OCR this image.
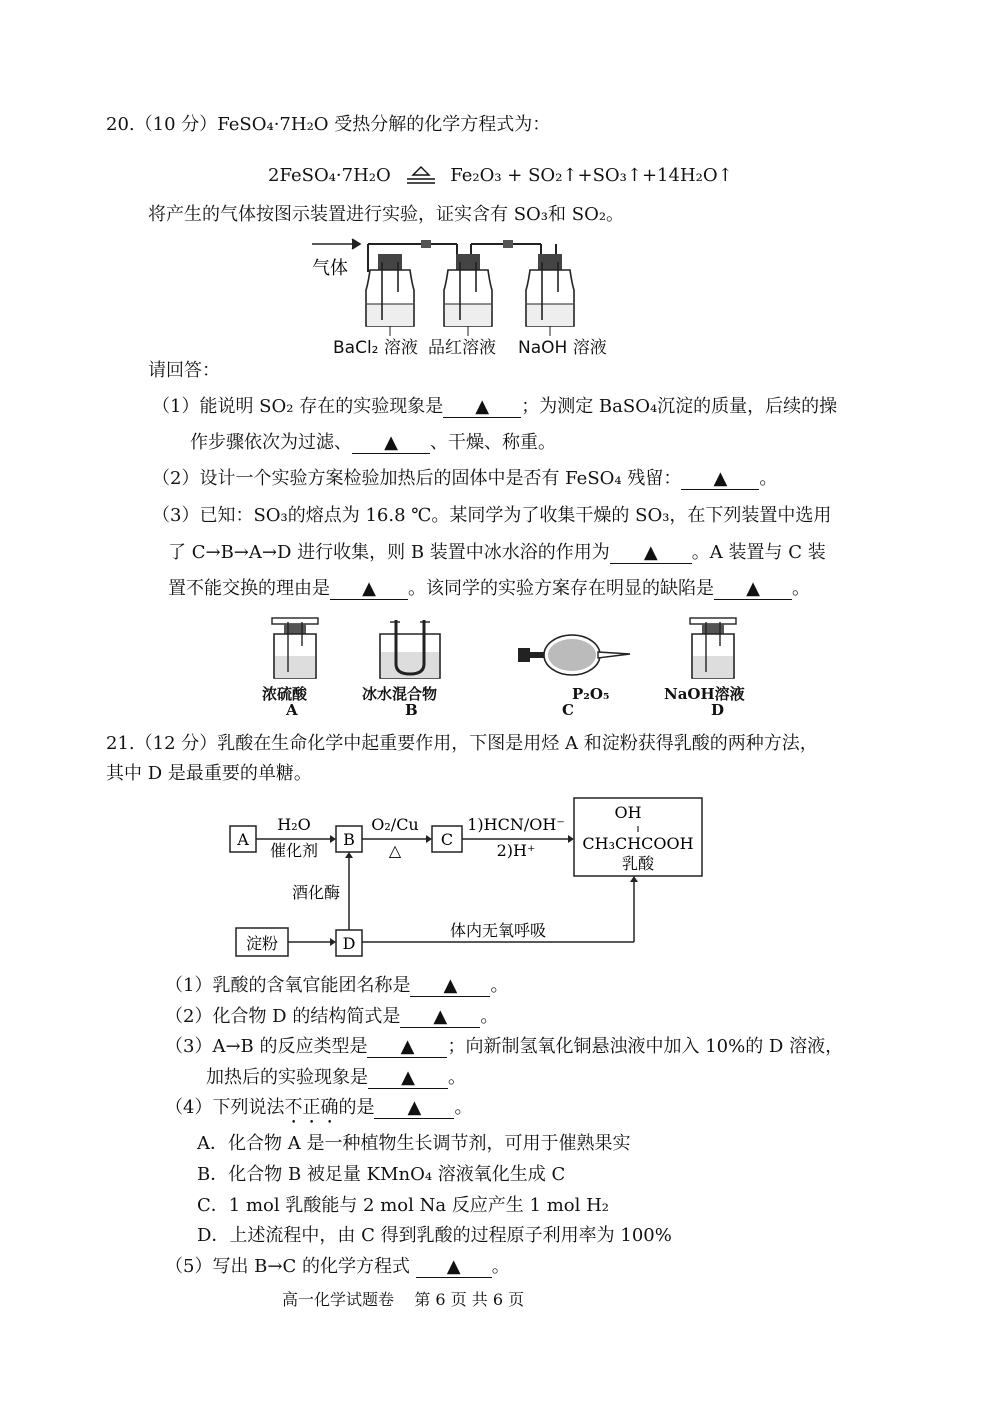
20.（10 分）FeSO₄·7H₂O 受热分解的化学方程式为：
2FeSO₄·7H₂O	Fe₂O₃ + SO₂↑+SO₃↑+14H₂O↑
将产生的气体按图示装置进行实验，证实含有 SO₃和 SO₂。
气体
BaCl₂ 溶液 品红溶液 NaOH 溶液
请回答：
（1）能说明 SO₂ 存在的实验现象是 ▲ ；为测定 BaSO₄沉淀的质量，后续的操
作步骤依次为过滤、 ▲ 、干燥、称重。
（2）设计一个实验方案检验加热后的固体中是否有 FeSO₄ 残留： ▲ 。
（3）已知：SO₃的熔点为 16.8 ℃。某同学为了收集干燥的 SO₃，在下列装置中选用
了 C→B→A→D 进行收集，则 B 装置中冰水浴的作用为 ▲ 。A 装置与 C 装
置不能交换的理由是 ▲ 。该同学的实验方案存在明显的缺陷是 ▲ 。
浓硫酸
A
冰水混合物
B
P₂O₅
C
NaOH溶液
D
21.（12 分）乳酸在生命化学中起重要作用，下图是用烃 A 和淀粉获得乳酸的两种方法，
其中 D 是最重要的单糖。
A	B	C
D
H₂O
催化剂
O₂/Cu
△
1)HCN/OH⁻
2)H⁺
OH
CH₃CHCOOH
乳酸
酒化酶
淀粉
体内无氧呼吸
（1）乳酸的含氧官能团名称是 ▲ 。
（2）化合物 D 的结构简式是 ▲ 。
（3）A→B 的反应类型是 ▲ ；向新制氢氧化铜悬浊液中加入 10%的 D 溶液，
加热后的实验现象是 ▲ 。
（4）下列说法不正确的是 ▲ 。
A．化合物 A 是一种植物生长调节剂，可用于催熟果实
B．化合物 B 被足量 KMnO₄ 溶液氧化生成 C
C．1 mol 乳酸能与 2 mol Na 反应产生 1 mol H₂
D．上述流程中，由 C 得到乳酸的过程原子利用率为 100%
（5）写出 B→C 的化学方程式 ▲ 。
高一化学试题卷    第 6 页 共 6 页
